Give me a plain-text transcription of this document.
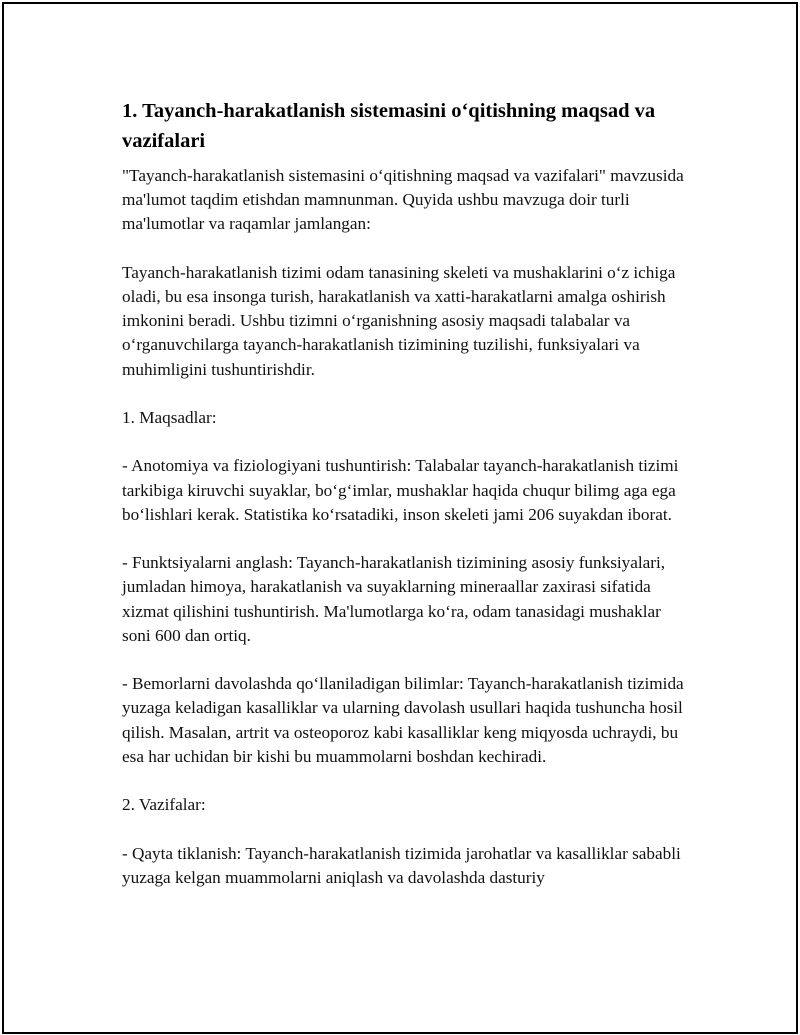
1. Tayanch-harakatlanish sistemasini o‘qitishning maqsad va vazifalari

"Tayanch-harakatlanish sistemasini o‘qitishning maqsad va vazifalari" mavzusida ma'lumot taqdim etishdan mamnunman. Quyida ushbu mavzuga doir turli ma'lumotlar va raqamlar jamlangan:

Tayanch-harakatlanish tizimi odam tanasining skeleti va mushaklarini o‘z ichiga oladi, bu esa insonga turish, harakatlanish va xatti-harakatlarni amalga oshirish imkonini beradi. Ushbu tizimni o‘rganishning asosiy maqsadi talabalar va o‘rganuvchilarga tayanch-harakatlanish tizimining tuzilishi, funksiyalari va muhimligini tushuntirishdir.

1. Maqsadlar:

- Anotomiya va fiziologiyani tushuntirish: Talabalar tayanch-harakatlanish tizimi tarkibiga kiruvchi suyaklar, bo‘g‘imlar, mushaklar haqida chuqur bilimg aga ega bo‘lishlari kerak. Statistika ko‘rsatadiki, inson skeleti jami 206 suyakdan iborat.

- Funktsiyalarni anglash: Tayanch-harakatlanish tizimining asosiy funksiyalari, jumladan himoya, harakatlanish va suyaklarning mineraallar zaxirasi sifatida xizmat qilishini tushuntirish. Ma'lumotlarga ko‘ra, odam tanasidagi mushaklar soni 600 dan ortiq.

- Bemorlarni davolashda qo‘llaniladigan bilimlar: Tayanch-harakatlanish tizimida yuzaga keladigan kasalliklar va ularning davolash usullari haqida tushuncha hosil qilish. Masalan, artrit va osteoporoz kabi kasalliklar keng miqyosda uchraydi, bu esa har uchidan bir kishi bu muammolarni boshdan kechiradi.

2. Vazifalar:

- Qayta tiklanish: Tayanch-harakatlanish tizimida jarohatlar va kasalliklar sababli yuzaga kelgan muammolarni aniqlash va davolashda dasturiy
